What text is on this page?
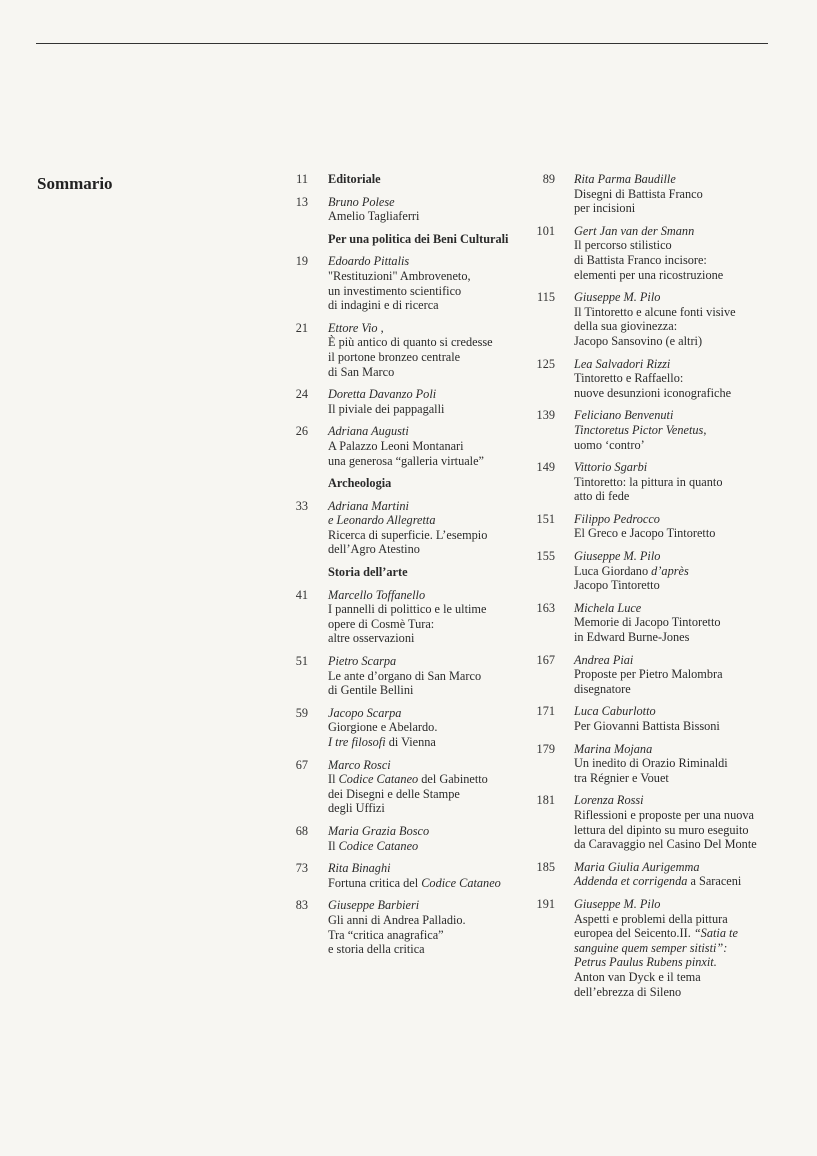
Sommario	11 Editoriale
13 Bruno Polese
Amelio Tagliaferri
Per una politica dei Beni Culturali
19 Edoardo Pittalis
"Restituzioni" Ambroveneto,
un investimento scientifico
di indagini e di ricerca
21 Ettore Vio ,
È più antico di quanto si credesse
il portone bronzeo centrale
di San Marco
24 Doretta Davanzo Poli
Il piviale dei pappagalli
26 Adriana Augusti
A Palazzo Leoni Montanari
una generosa “galleria virtuale”
Archeologia
33 Adriana Martini
e Leonardo Allegretta
Ricerca di superficie. L’esempio
dell’Agro Atestino
Storia dell’arte
41 Marcello Toffanello
I pannelli di polittico e le ultime
opere di Cosmè Tura:
altre osservazioni
51 Pietro Scarpa
Le ante d’organo di San Marco
di Gentile Bellini
59 Jacopo Scarpa
Giorgione e Abelardo.
I tre filosofi di Vienna
67 Marco Rosci
Il Codice Cataneo del Gabinetto
dei Disegni e delle Stampe
degli Uffizi
68 Maria Grazia Bosco
Il Codice Cataneo
73 Rita Binaghi
Fortuna critica del Codice Cataneo
83 Giuseppe Barbieri
Gli anni di Andrea Palladio.
Tra “critica anagrafica”
e storia della critica
89 Rita Parma Baudille
Disegni di Battista Franco
per incisioni
101 Gert Jan van der Smann
Il percorso stilistico
di Battista Franco incisore:
elementi per una ricostruzione
115 Giuseppe M. Pilo
Il Tintoretto e alcune fonti visive
della sua giovinezza:
Jacopo Sansovino (e altri)
125 Lea Salvadori Rizzi
Tintoretto e Raffaello:
nuove desunzioni iconografiche
139 Feliciano Benvenuti
Tinctoretus Pictor Venetus,
uomo ‘contro’
149 Vittorio Sgarbi
Tintoretto: la pittura in quanto
atto di fede
151 Filippo Pedrocco
El Greco e Jacopo Tintoretto
155 Giuseppe M. Pilo
Luca Giordano d’après
Jacopo Tintoretto
163 Michela Luce
Memorie di Jacopo Tintoretto
in Edward Burne-Jones
167 Andrea Piai
Proposte per Pietro Malombra
disegnatore
171 Luca Caburlotto
Per Giovanni Battista Bissoni
179 Marina Mojana
Un inedito di Orazio Riminaldi
tra Régnier e Vouet
181 Lorenza Rossi
Riflessioni e proposte per una nuova
lettura del dipinto su muro eseguito
da Caravaggio nel Casino Del Monte
185 Maria Giulia Aurigemma
Addenda et corrigenda a Saraceni
191 Giuseppe M. Pilo
Aspetti e problemi della pittura
europea del Seicento.II. “Satia te
sanguine quem semper sitisti”:
Petrus Paulus Rubens pinxit.
Anton van Dyck e il tema
dell’ebrezza di Sileno
